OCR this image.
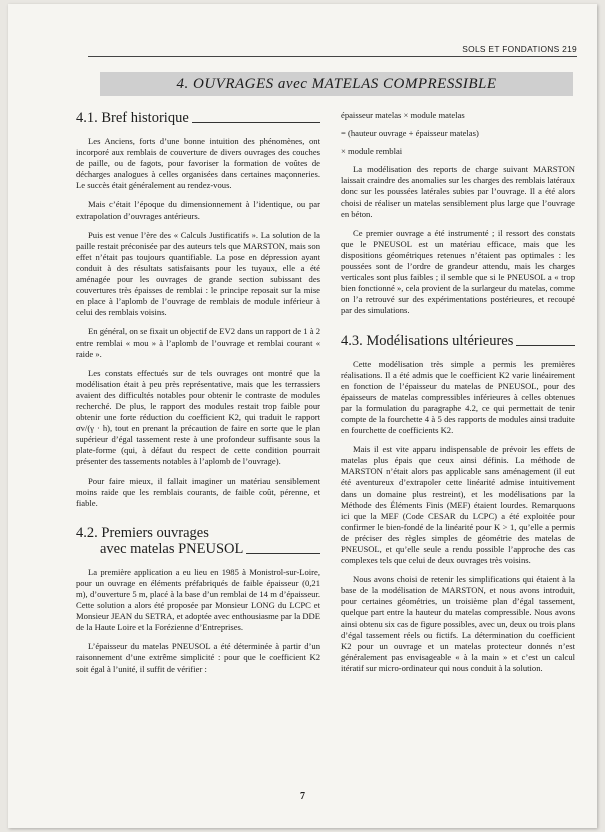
SOLS ET FONDATIONS 219
4. OUVRAGES avec MATELAS COMPRESSIBLE
4.1. Bref historique

Les Anciens, forts d’une bonne intuition des phénomènes, ont incorporé aux remblais de couverture de divers ouvrages des couches de paille, ou de fagots, pour favoriser la formation de voûtes de décharges analogues à celles organisées dans certaines maçonneries. Le succès était généralement au rendez-vous.

Mais c’était l’époque du dimensionnement à l’identique, ou par extrapolation d’ouvrages antérieurs.

Puis est venue l’ère des « Calculs Justificatifs ». La solution de la paille restait préconisée par des auteurs tels que MARSTON, mais son effet n’était pas toujours quantifiable. La pose en dépression ayant conduit à des résultats satisfaisants pour les tuyaux, elle a été aménagée pour les ouvrages de grande section subissant des couvertures très épaisses de remblai : le principe reposait sur la mise en place à l’aplomb de l’ouvrage de remblais de module inférieur à celui des remblais voisins.

En général, on se fixait un objectif de EV2 dans un rapport de 1 à 2 entre remblai « mou » à l’aplomb de l’ouvrage et remblai courant « raide ».

Les constats effectués sur de tels ouvrages ont montré que la modélisation était à peu près représentative, mais que les terrassiers avaient des difficultés notables pour obtenir le contraste de modules recherché. De plus, le rapport des modules restait trop faible pour obtenir une forte réduction du coefficient K2, qui traduit le rapport σv/(γ · h), tout en prenant la précaution de faire en sorte que le plan supérieur d’égal tassement reste à une profondeur suffisante sous la plate-forme (qui, à défaut du respect de cette condition pourrait présenter des tassements notables à l’aplomb de l’ouvrage).

Pour faire mieux, il fallait imaginer un matériau sensiblement moins raide que les remblais courants, de faible coût, pérenne, et fiable.

4.2. Premiers ouvrages
avec matelas PNEUSOL

La première application a eu lieu en 1985 à Monistrol-sur-Loire, pour un ouvrage en éléments préfabriqués de faible épaisseur (0,21 m), d’ouverture 5 m, placé à la base d’un remblai de 14 m d’épaisseur. Cette solution a alors été proposée par Monsieur LONG du LCPC et Monsieur JEAN du SETRA, et adoptée avec enthousiasme par la DDE de la Haute Loire et la Forézienne d’Entreprises.

L’épaisseur du matelas PNEUSOL a été déterminée à partir d’un raisonnement d’une extrême simplicité : pour que le coefficient K2 soit égal à l’unité, il suffit de vérifier :

épaisseur matelas × module matelas

= (hauteur ouvrage + épaisseur matelas)

× module remblai

La modélisation des reports de charge suivant MARSTON laissait craindre des anomalies sur les charges des remblais latéraux donc sur les poussées latérales subies par l’ouvrage. Il a été alors choisi de réaliser un matelas sensiblement plus large que l’ouvrage en béton.

Ce premier ouvrage a été instrumenté ; il ressort des constats que le PNEUSOL est un matériau efficace, mais que les dispositions géométriques retenues n’étaient pas optimales : les poussées sont de l’ordre de grandeur attendu, mais les charges verticales sont plus faibles ; il semble que si le PNEUSOL a « trop bien fonctionné », cela provient de la surlargeur du matelas, comme on l’a retrouvé sur des expérimentations postérieures, et recoupé par des simulations.

4.3. Modélisations ultérieures

Cette modélisation très simple a permis les premières réalisations. Il a été admis que le coefficient K2 varie linéairement en fonction de l’épaisseur du matelas de PNEUSOL, pour des épaisseurs de matelas compressibles inférieures à celles obtenues par la formulation du paragraphe 4.2, ce qui permettait de tenir compte de la fourchette 4 à 5 des rapports de modules ainsi traduite en fourchette de coefficients K2.

Mais il est vite apparu indispensable de prévoir les effets de matelas plus épais que ceux ainsi définis. La méthode de MARSTON n’était alors pas applicable sans aménagement (il eut été aventureux d’extrapoler cette linéarité admise intuitivement dans un domaine plus restreint), et les modélisations par la Méthode des Éléments Finis (MEF) étaient lourdes. Remarquons ici que la MEF (Code CESAR du LCPC) a été exploitée pour confirmer le bien-fondé de la linéarité pour K > 1, qu’elle a permis de préciser des règles simples de géométrie des matelas de PNEUSOL, et qu’elle seule a rendu possible l’approche des cas complexes tels que celui de deux ouvrages très voisins.

Nous avons choisi de retenir les simplifications qui étaient à la base de la modélisation de MARSTON, et nous avons introduit, pour certaines géométries, un troisième plan d’égal tassement, quelque part entre la hauteur du matelas compressible. Nous avons ainsi obtenu six cas de figure possibles, avec un, deux ou trois plans d’égal tassement réels ou fictifs. La détermination du coefficient K2 pour un ouvrage et un matelas protecteur donnés n’est généralement pas envisageable « à la main » et c’est un calcul itératif sur micro-ordinateur qui nous conduit à la solution.

7
